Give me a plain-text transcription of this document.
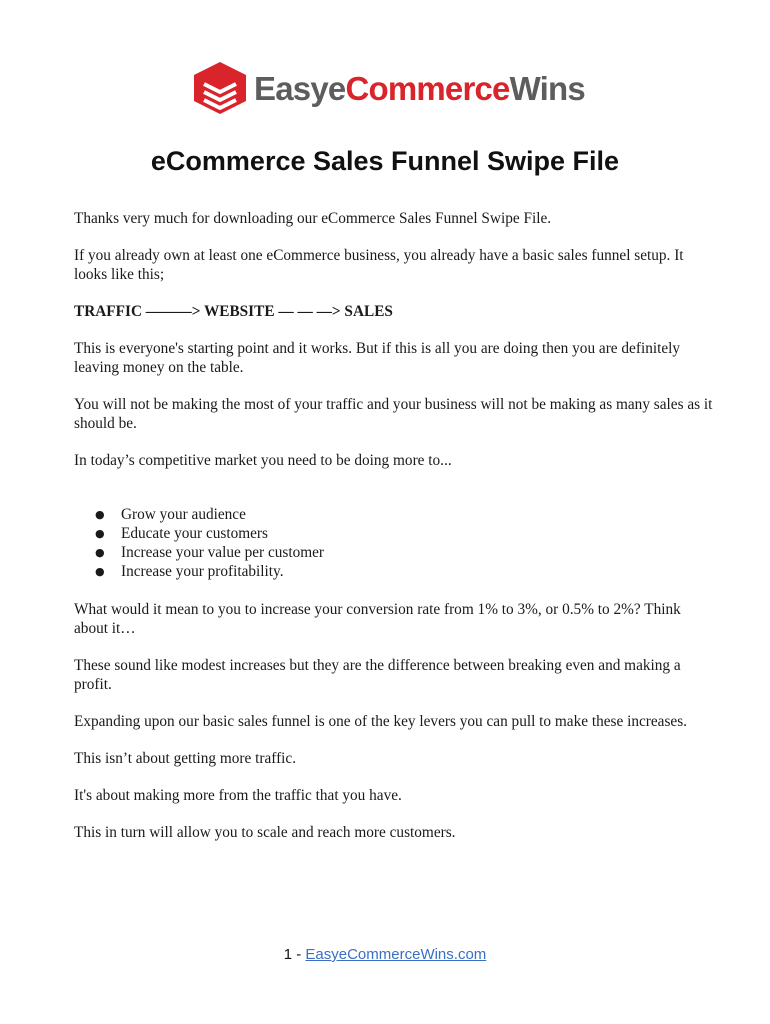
EasyeCommerceWins
eCommerce Sales Funnel Swipe File

Thanks very much for downloading our eCommerce Sales Funnel Swipe File.

If you already own at least one eCommerce business, you already have a basic sales funnel setup. It looks like this;

TRAFFIC ———> WEBSITE — — —> SALES

This is everyone's starting point and it works. But if this is all you are doing then you are definitely leaving money on the table.

You will not be making the most of your traffic and your business will not be making as many sales as it should be.

In today’s competitive market you need to be doing more to...

● Grow your audience
● Educate your customers
● Increase your value per customer
● Increase your profitability.

What would it mean to you to increase your conversion rate from 1% to 3%, or 0.5% to 2%? Think about it…

These sound like modest increases but they are the difference between breaking even and making a profit.

Expanding upon our basic sales funnel is one of the key levers you can pull to make these increases.

This isn’t about getting more traffic.

It's about making more from the traffic that you have.

This in turn will allow you to scale and reach more customers.

1 - EasyeCommerceWins.com
